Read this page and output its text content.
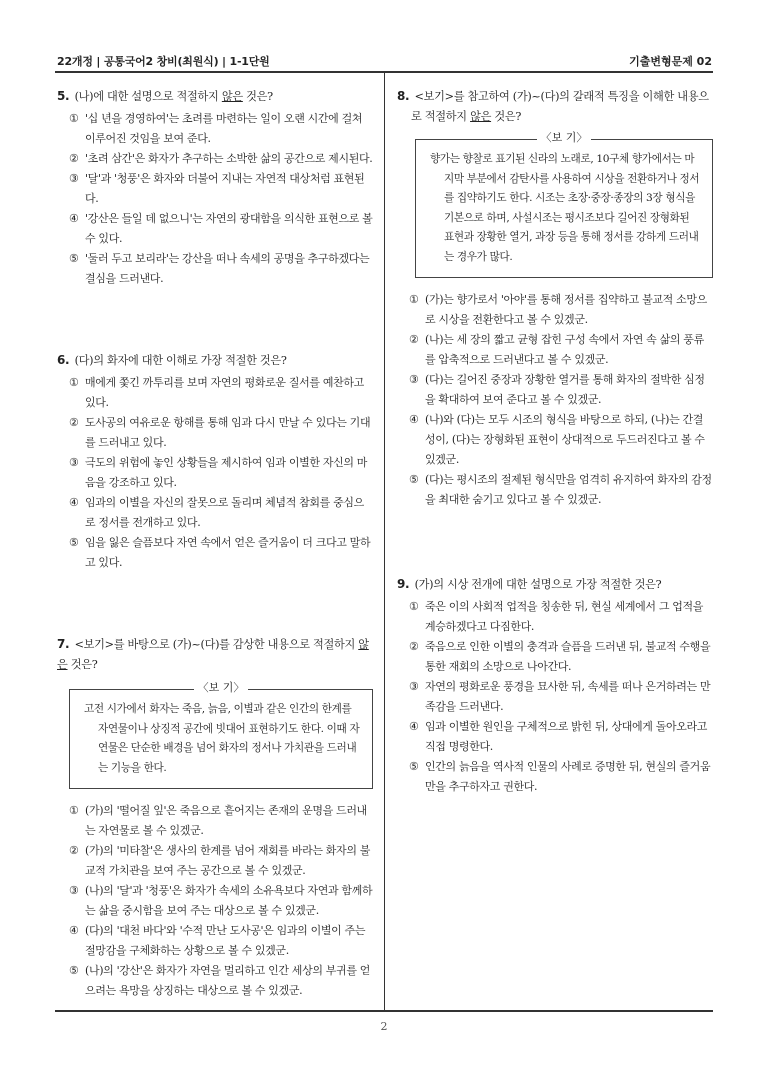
22개정 | 공통국어2 창비(최원식) | 1-1단원	기출변형문제 02
2
5. (나)에 대한 설명으로 적절하지 않은 것은?
① '십 년을 경영하여'는 초려를 마련하는 일이 오랜 시간에 걸쳐 이루어진 것임을 보여 준다.
② '초려 삼간'은 화자가 추구하는 소박한 삶의 공간으로 제시된다.
③ '달'과 '청풍'은 화자와 더불어 지내는 자연적 대상처럼 표현된다.
④ '강산은 들일 데 없으니'는 자연의 광대함을 의식한 표현으로 볼 수 있다.
⑤ '둘러 두고 보리라'는 강산을 떠나 속세의 공명을 추구하겠다는 결심을 드러낸다.
6. (다)의 화자에 대한 이해로 가장 적절한 것은?
① 매에게 쫓긴 까투리를 보며 자연의 평화로운 질서를 예찬하고 있다.
② 도사공의 여유로운 항해를 통해 임과 다시 만날 수 있다는 기대를 드러내고 있다.
③ 극도의 위험에 놓인 상황들을 제시하여 임과 이별한 자신의 마음을 강조하고 있다.
④ 임과의 이별을 자신의 잘못으로 돌리며 체념적 참회를 중심으로 정서를 전개하고 있다.
⑤ 임을 잃은 슬픔보다 자연 속에서 얻은 즐거움이 더 크다고 말하고 있다.
7. <보기>를 바탕으로 (가)~(다)를 감상한 내용으로 적절하지 않은 것은?
고전 시가에서 화자는 죽음, 늙음, 이별과 같은 인간의 한계를 자연물이나 상징적 공간에 빗대어 표현하기도 한다. 이때 자연물은 단순한 배경을 넘어 화자의 정서나 가치관을 드러내는 기능을 한다.
〈보 기〉
① (가)의 '떨어질 잎'은 죽음으로 흩어지는 존재의 운명을 드러내는 자연물로 볼 수 있겠군.
② (가)의 '미타찰'은 생사의 한계를 넘어 재회를 바라는 화자의 불교적 가치관을 보여 주는 공간으로 볼 수 있겠군.
③ (나)의 '달'과 '청풍'은 화자가 속세의 소유욕보다 자연과 함께하는 삶을 중시함을 보여 주는 대상으로 볼 수 있겠군.
④ (다)의 '대천 바다'와 '수적 만난 도사공'은 임과의 이별이 주는 절망감을 구체화하는 상황으로 볼 수 있겠군.
⑤ (나)의 '강산'은 화자가 자연을 멀리하고 인간 세상의 부귀를 얻으려는 욕망을 상징하는 대상으로 볼 수 있겠군.
8. <보기>를 참고하여 (가)~(다)의 갈래적 특징을 이해한 내용으로 적절하지 않은 것은?
향가는 향찰로 표기된 신라의 노래로, 10구체 향가에서는 마지막 부분에서 감탄사를 사용하여 시상을 전환하거나 정서를 집약하기도 한다. 시조는 초장·중장·종장의 3장 형식을 기본으로 하며, 사설시조는 평시조보다 길어진 장형화된 표현과 장황한 열거, 과장 등을 통해 정서를 강하게 드러내는 경우가 많다.
〈보 기〉
① (가)는 향가로서 '아야'를 통해 정서를 집약하고 불교적 소망으로 시상을 전환한다고 볼 수 있겠군.
② (나)는 세 장의 짧고 균형 잡힌 구성 속에서 자연 속 삶의 풍류를 압축적으로 드러낸다고 볼 수 있겠군.
③ (다)는 길어진 중장과 장황한 열거를 통해 화자의 절박한 심정을 확대하여 보여 준다고 볼 수 있겠군.
④ (나)와 (다)는 모두 시조의 형식을 바탕으로 하되, (나)는 간결성이, (다)는 장형화된 표현이 상대적으로 두드러진다고 볼 수 있겠군.
⑤ (다)는 평시조의 절제된 형식만을 엄격히 유지하여 화자의 감정을 최대한 숨기고 있다고 볼 수 있겠군.
9. (가)의 시상 전개에 대한 설명으로 가장 적절한 것은?
① 죽은 이의 사회적 업적을 칭송한 뒤, 현실 세계에서 그 업적을 계승하겠다고 다짐한다.
② 죽음으로 인한 이별의 충격과 슬픔을 드러낸 뒤, 불교적 수행을 통한 재회의 소망으로 나아간다.
③ 자연의 평화로운 풍경을 묘사한 뒤, 속세를 떠나 은거하려는 만족감을 드러낸다.
④ 임과 이별한 원인을 구체적으로 밝힌 뒤, 상대에게 돌아오라고 직접 명령한다.
⑤ 인간의 늙음을 역사적 인물의 사례로 증명한 뒤, 현실의 즐거움만을 추구하자고 권한다.
